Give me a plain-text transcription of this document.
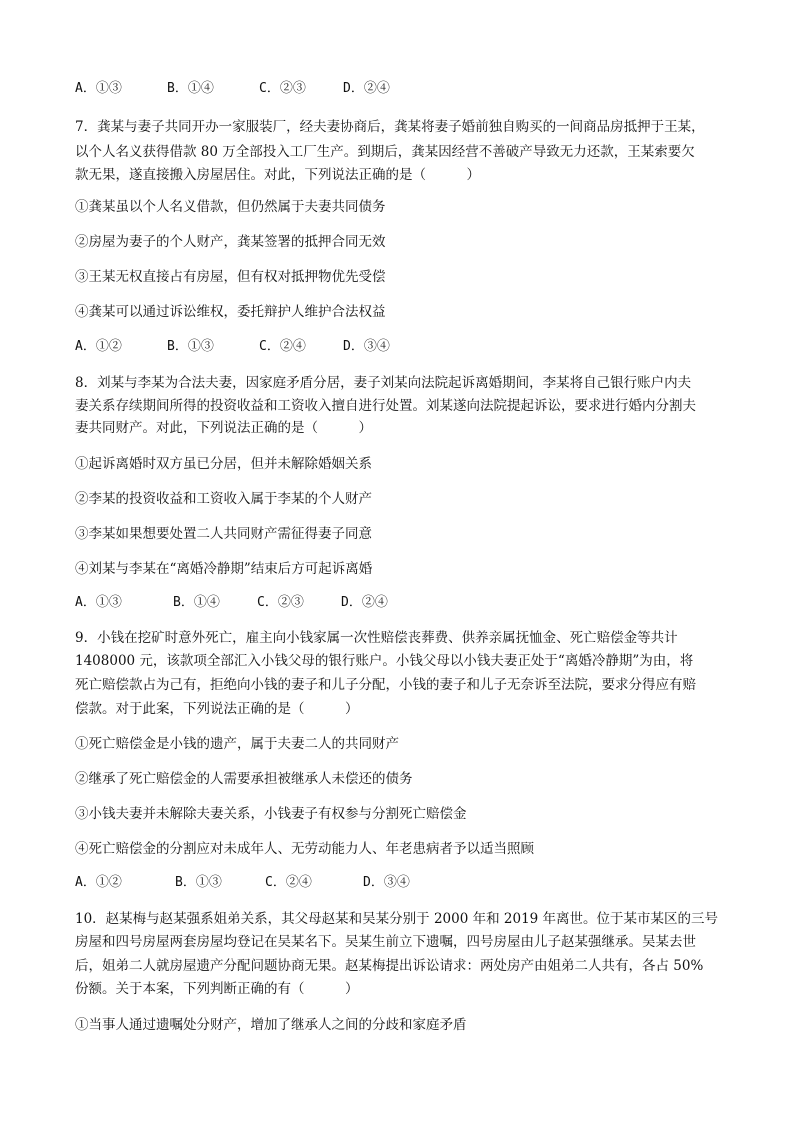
A．①③	B．①④	C．②③	D．②④
7．龚某与妻子共同开办一家服装厂，经夫妻协商后，龚某将妻子婚前独自购买的一间商品房抵押于王某，
以个人名义获得借款 80 万全部投入工厂生产。到期后，龚某因经营不善破产导致无力还款，王某索要欠
款无果，遂直接搬入房屋居住。对此，下列说法正确的是（　　　）
①龚某虽以个人名义借款，但仍然属于夫妻共同债务
②房屋为妻子的个人财产，龚某签署的抵押合同无效
③王某无权直接占有房屋，但有权对抵押物优先受偿
④龚某可以通过诉讼维权，委托辩护人维护合法权益
A．①②	B．①③	C．②④	D．③④
8．刘某与李某为合法夫妻，因家庭矛盾分居，妻子刘某向法院起诉离婚期间，李某将自己银行账户内夫
妻关系存续期间所得的投资收益和工资收入擅自进行处置。刘某遂向法院提起诉讼，要求进行婚内分割夫
妻共同财产。对此，下列说法正确的是（　　　）
①起诉离婚时双方虽已分居，但并未解除婚姻关系
②李某的投资收益和工资收入属于李某的个人财产
③李某如果想要处置二人共同财产需征得妻子同意
④刘某与李某在“离婚冷静期”结束后方可起诉离婚
A．①③	B．①④	C．②③	D．②④
9．小钱在挖矿时意外死亡，雇主向小钱家属一次性赔偿丧葬费、供养亲属抚恤金、死亡赔偿金等共计
1408000 元，该款项全部汇入小钱父母的银行账户。小钱父母以小钱夫妻正处于“离婚冷静期”为由，将
死亡赔偿款占为己有，拒绝向小钱的妻子和儿子分配，小钱的妻子和儿子无奈诉至法院，要求分得应有赔
偿款。对于此案，下列说法正确的是（　　　）
①死亡赔偿金是小钱的遗产，属于夫妻二人的共同财产
②继承了死亡赔偿金的人需要承担被继承人未偿还的债务
③小钱夫妻并未解除夫妻关系，小钱妻子有权参与分割死亡赔偿金
④死亡赔偿金的分割应对未成年人、无劳动能力人、年老患病者予以适当照顾
A．①②	B．①③	C．②④	D．③④
10．赵某梅与赵某强系姐弟关系，其父母赵某和吴某分别于 2000 年和 2019 年离世。位于某市某区的三号
房屋和四号房屋两套房屋均登记在吴某名下。吴某生前立下遗嘱，四号房屋由儿子赵某强继承。吴某去世
后，姐弟二人就房屋遗产分配问题协商无果。赵某梅提出诉讼请求：两处房产由姐弟二人共有，各占 50%
份额。关于本案，下列判断正确的有（　　　）
①当事人通过遗嘱处分财产，增加了继承人之间的分歧和家庭矛盾
